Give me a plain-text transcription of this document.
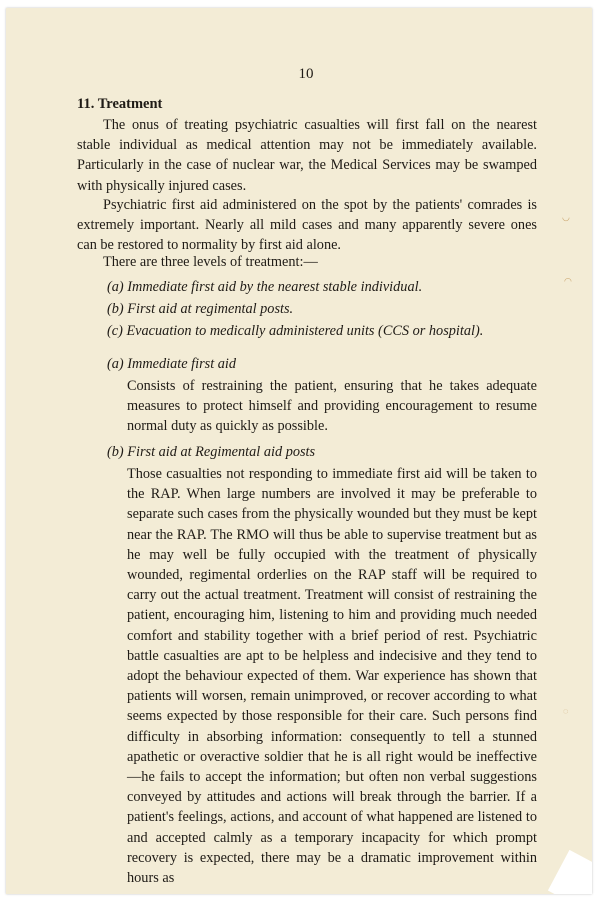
10
11. Treatment
The onus of treating psychiatric casualties will first fall on the nearest stable individual as medical attention may not be immediately available. Particularly in the case of nuclear war, the Medical Services may be swamped with physically injured cases.
Psychiatric first aid administered on the spot by the patients' comrades is extremely important. Nearly all mild cases and many apparently severe ones can be restored to normality by first aid alone.
There are three levels of treatment:—
(a) Immediate first aid by the nearest stable individual.
(b) First aid at regimental posts.
(c) Evacuation to medically administered units (CCS or hospital).
(a) Immediate first aid
Consists of restraining the patient, ensuring that he takes adequate measures to protect himself and providing encouragement to resume normal duty as quickly as possible.
(b) First aid at Regimental aid posts
Those casualties not responding to immediate first aid will be taken to the RAP. When large numbers are involved it may be preferable to separate such cases from the physically wounded but they must be kept near the RAP. The RMO will thus be able to supervise treatment but as he may well be fully occupied with the treatment of physically wounded, regimental orderlies on the RAP staff will be required to carry out the actual treatment. Treatment will consist of restraining the patient, encouraging him, listening to him and providing much needed comfort and stability together with a brief period of rest. Psychiatric battle casualties are apt to be helpless and indecisive and they tend to adopt the behaviour expected of them. War experience has shown that patients will worsen, remain unimproved, or recover according to what seems expected by those responsible for their care. Such persons find difficulty in absorbing information: consequently to tell a stunned apathetic or overactive soldier that he is all right would be ineffective—he fails to accept the information; but often non verbal suggestions conveyed by attitudes and actions will break through the barrier. If a patient's feelings, actions, and account of what happened are listened to and accepted calmly as a temporary incapacity for which prompt recovery is expected, there may be a dramatic improvement within hours as
◡
◠
◌
